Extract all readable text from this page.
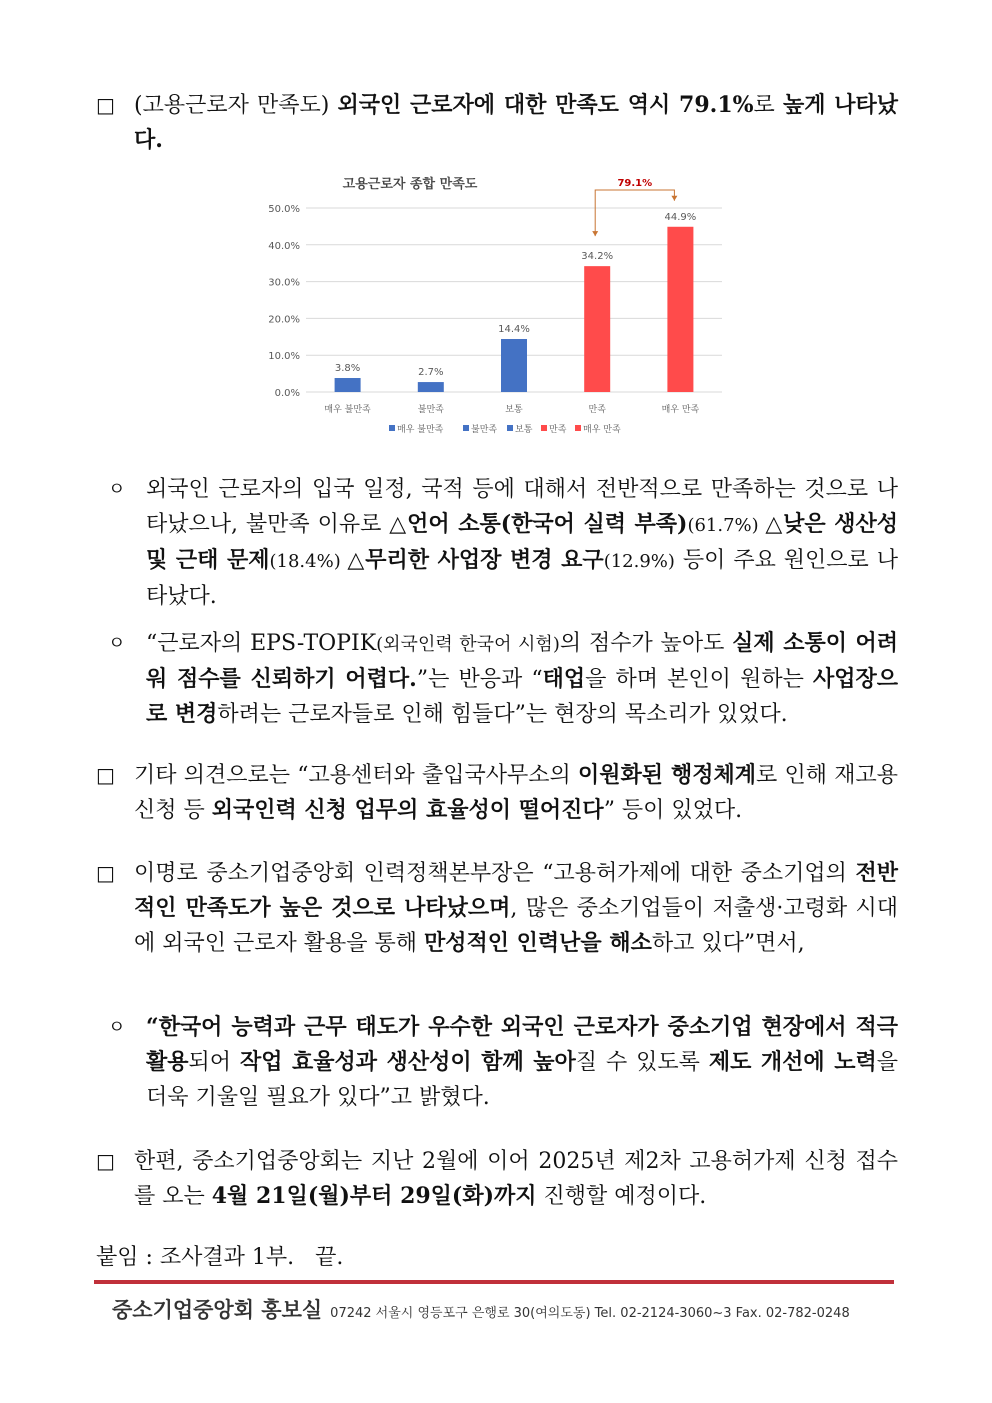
□ (고용근로자 만족도) 외국인 근로자에 대한 만족도 역시 79.1%로 높게 나타났다.
고용근로자 종합 만족도
0.0%
10.0%
20.0%
30.0%
40.0%
50.0%
3.8%	2.7%
14.4%
34.2%
44.9%
매우 불만족	불만족	보통	만족	매우 만족
매우 불만족	불만족 보통 만족 매우 만족
79.1%
ㅇ 외국인 근로자의 입국 일정, 국적 등에 대해서 전반적으로 만족하는 것으로 나타났으나, 불만족 이유로 △언어 소통(한국어 실력 부족)(61.7%) △낮은 생산성 및 근태 문제(18.4%) △무리한 사업장 변경 요구(12.9%) 등이 주요 원인으로 나타났다.
ㅇ “근로자의 EPS-TOPIK(외국인력 한국어 시험)의 점수가 높아도 실제 소통이 어려워 점수를 신뢰하기 어렵다.”는 반응과 “태업을 하며 본인이 원하는 사업장으로 변경하려는 근로자들로 인해 힘들다”는 현장의 목소리가 있었다.
□ 기타 의견으로는 “고용센터와 출입국사무소의 이원화된 행정체계로 인해 재고용신청 등 외국인력 신청 업무의 효율성이 떨어진다” 등이 있었다.
□ 이명로 중소기업중앙회 인력정책본부장은 “고용허가제에 대한 중소기업의 전반적인 만족도가 높은 것으로 나타났으며, 많은 중소기업들이 저출생·고령화 시대에 외국인 근로자 활용을 통해 만성적인 인력난을 해소하고 있다”면서,
ㅇ “한국어 능력과 근무 태도가 우수한 외국인 근로자가 중소기업 현장에서 적극 활용되어 작업 효율성과 생산성이 함께 높아질 수 있도록 제도 개선에 노력을 더욱 기울일 필요가 있다”고 밝혔다.
□ 한편, 중소기업중앙회는 지난 2월에 이어 2025년 제2차 고용허가제 신청 접수를 오는 4월 21일(월)부터 29일(화)까지 진행할 예정이다.
붙임 : 조사결과 1부.   끝.
중소기업중앙회 홍보실 07242 서울시 영등포구 은행로 30(여의도동) Tel. 02-2124-3060~3 Fax. 02-782-0248
